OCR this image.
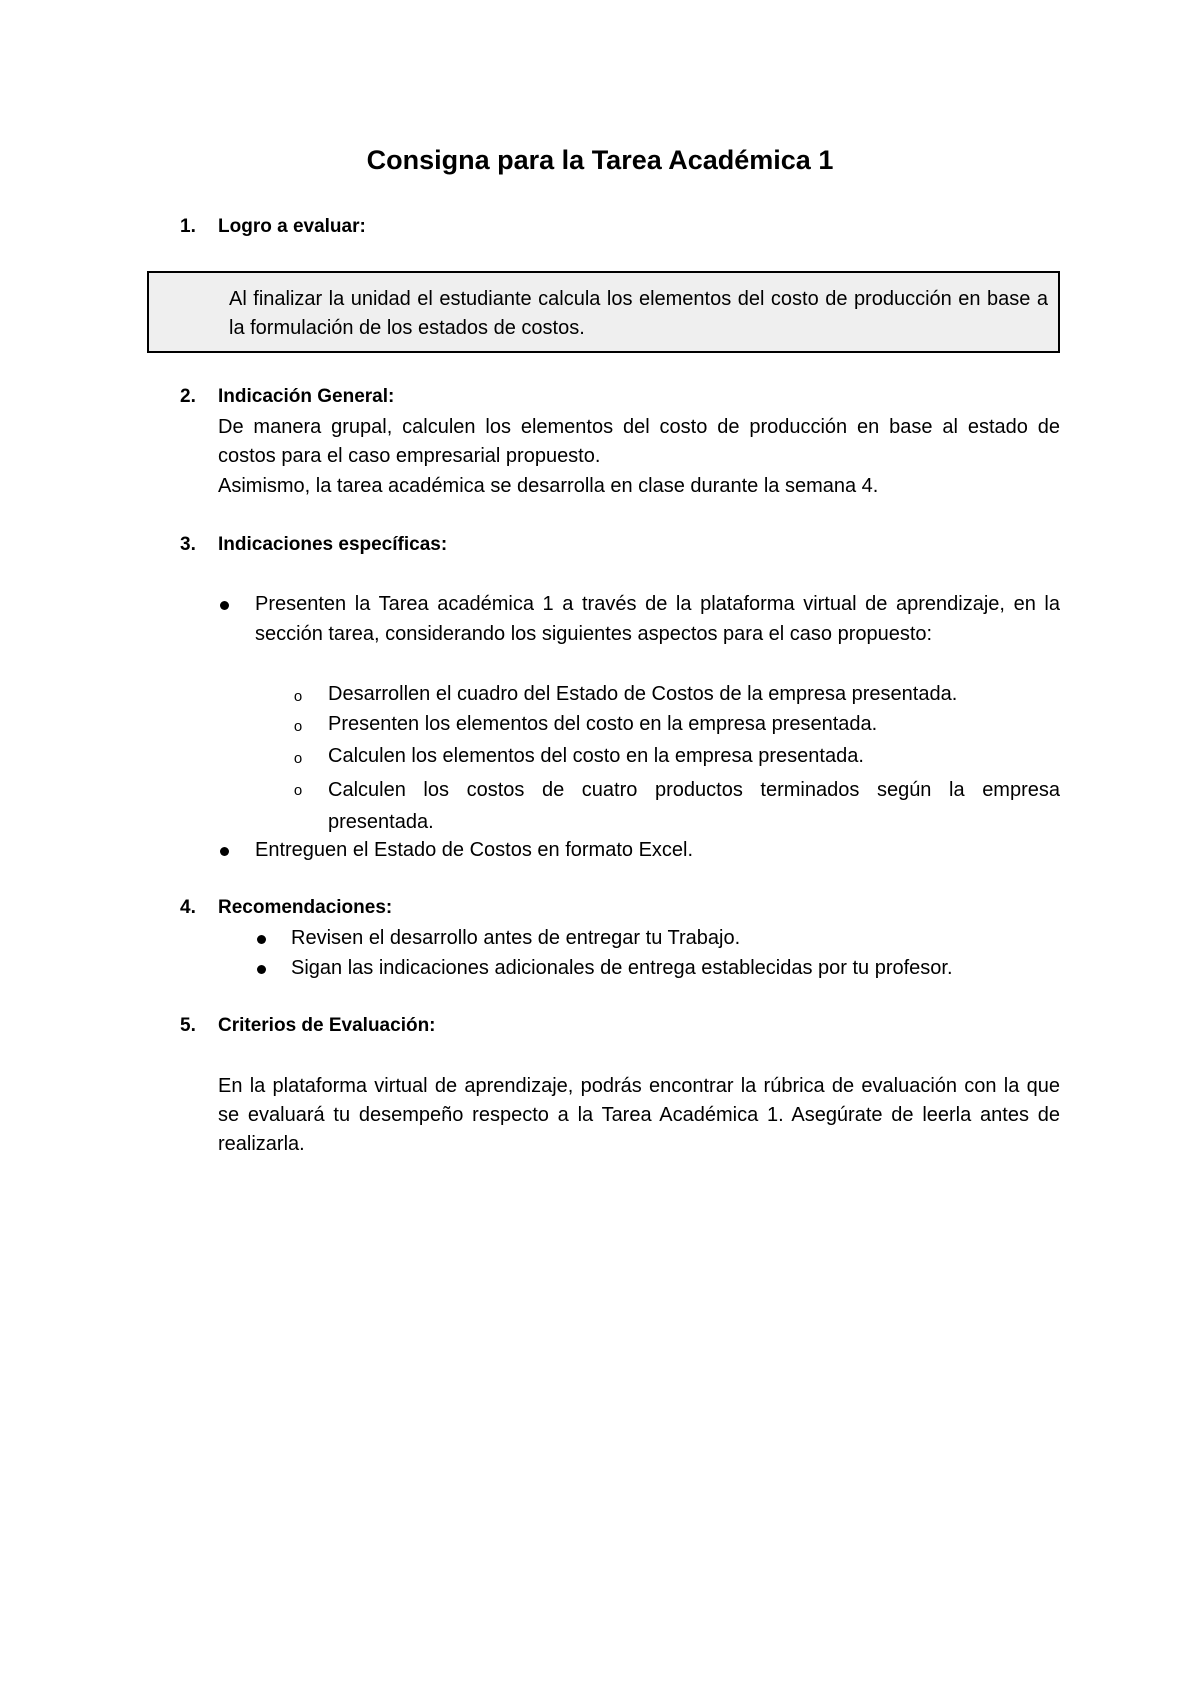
Consigna para la Tarea Académica 1
1. Logro a evaluar:
Al finalizar la unidad el estudiante calcula los elementos del costo de producción en base a la formulación de los estados de costos.
2. Indicación General:

De manera grupal, calculen los elementos del costo de producción en base al estado de costos para el caso empresarial propuesto.

Asimismo, la tarea académica se desarrolla en clase durante la semana 4.

3. Indicaciones específicas:
Presenten la Tarea académica 1 a través de la plataforma virtual de aprendizaje, en la sección tarea, considerando los siguientes aspectos para el caso propuesto:
o Desarrollen el cuadro del Estado de Costos de la empresa presentada.
o Presenten los elementos del costo en la empresa presentada.
o Calculen los elementos del costo en la empresa presentada.
o Calculen los costos de cuatro productos terminados según la empresa presentada.
Entreguen el Estado de Costos en formato Excel.
4. Recomendaciones:
Revisen el desarrollo antes de entregar tu Trabajo.
Sigan las indicaciones adicionales de entrega establecidas por tu profesor.
5. Criterios de Evaluación:

En la plataforma virtual de aprendizaje, podrás encontrar la rúbrica de evaluación con la que se evaluará tu desempeño respecto a la Tarea Académica 1. Asegúrate de leerla antes de realizarla.
